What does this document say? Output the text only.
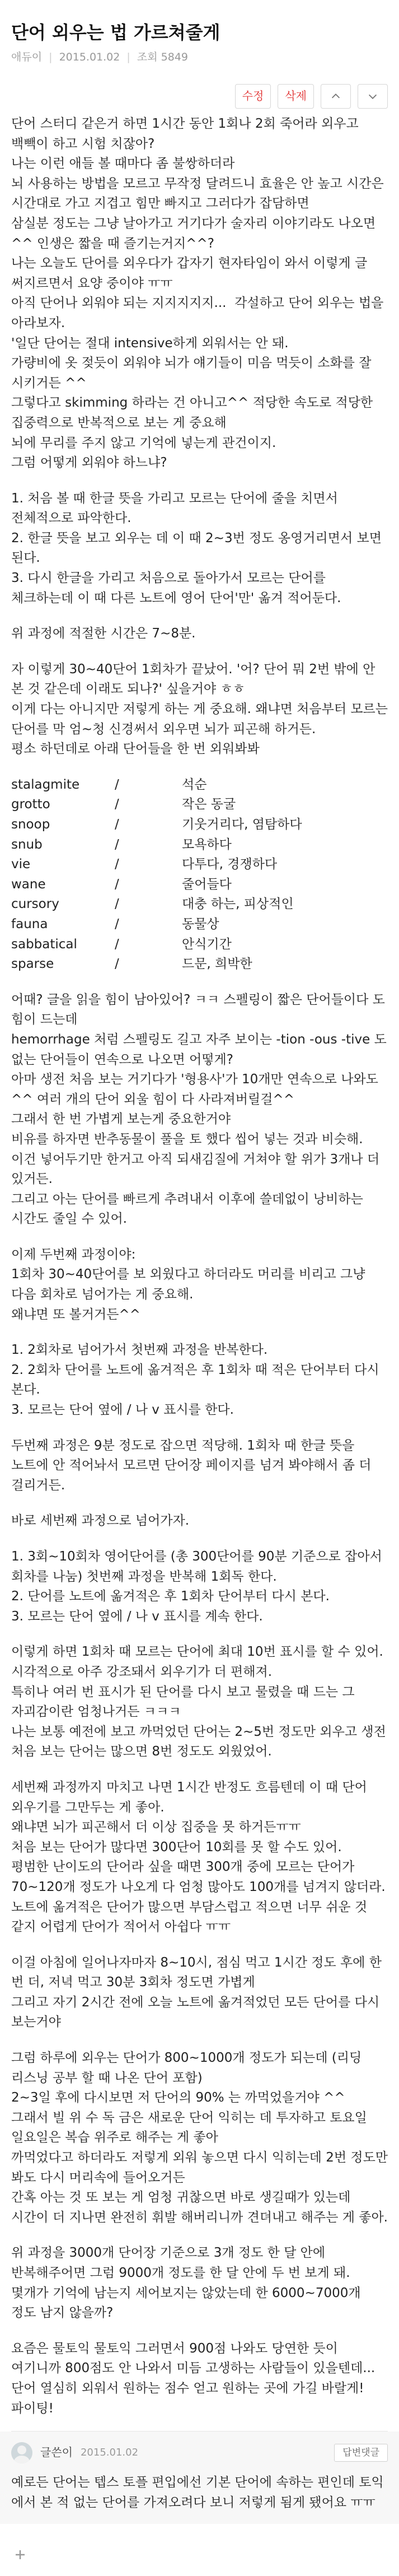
단어 외우는 법 가르쳐줄게
애듀이 | 2015.01.02 | 조회 5849
수정	삭제

단어 스터디 같은거 하면 1시간 동안 1회나 2회 죽어라 외우고 백빽이 하고 시험 치잖아?

나는 이런 애들 볼 때마다 좀 불쌍하더라

뇌 사용하는 방법을 모르고 무작정 달려드니 효율은 안 높고 시간은 시간대로 가고 지겹고 힘만 빠지고 그러다가 잡담하면

삼실분 정도는 그냥 날아가고 거기다가 술자리 이야기라도 나오면 ^^ 인생은 짧을 때 즐기는거지^^?

나는 오늘도 단어를 외우다가 갑자기 현자타임이 와서 이렇게 글 써지르면서 요양 중이야 ㅠㅠ

아직 단어나 외워야 되는 지지지지지...  각설하고 단어 외우는 법을 아라보자.

'일단 단어는 절대 intensive하게 외워서는 안 돼.

가량비에 옷 젖듯이 외워야 뇌가 얘기들이 미음 먹듯이 소화를 잘 시키거든 ^^

그렇다고 skimming 하라는 건 아니고^^ 적당한 속도로 적당한 집중력으로 반복적으로 보는 게 중요해

뇌에 무리를 주지 않고 기억에 넣는게 관건이지.

그럼 어떻게 외워야 하느냐?

1. 처음 볼 때 한글 뜻을 가리고 모르는 단어에 줄을 치면서 전체적으로 파악한다.

2. 한글 뜻을 보고 외우는 데 이 때 2~3번 정도 옹영거리면서 보면 된다.

3. 다시 한글을 가리고 처음으로 돌아가서 모르는 단어를 체크하는데 이 때 다른 노트에 영어 단어'만' 옮겨 적어둔다.

위 과정에 적절한 시간은 7~8분.

자 이렇게 30~40단어 1회차가 끝났어. '어? 단어 뭐 2번 밖에 안 본 것 같은데 이래도 되나?' 싶을거야 ㅎㅎ

이게 다는 아니지만 저렇게 하는 게 중요해. 왜냐면 처음부터 모르는 단어를 막 엄~청 신경써서 외우면 뇌가 피곤해 하거든.

평소 하던데로 아래 단어들을 한 번 외워봐봐

stalagmite	/	석순
grotto	/	작은 동굴
snoop	/	기웃거리다, 염탐하다
snub	/	모욕하다
vie	/	다투다, 경쟁하다
wane	/	줄어들다
cursory	/	대충 하는, 피상적인
fauna	/	동물상
sabbatical	/	안식기간
sparse	/	드문, 희박한

어때? 글을 읽을 힘이 남아있어? ㅋㅋ 스펠링이 짧은 단어들이다 도 힘이 드는데

hemorrhage 처럼 스펠링도 길고 자주 보이는 -tion -ous -tive 도 없는 단어들이 연속으로 나오면 어떻게?

아마 생전 처음 보는 거기다가 '형용사'가 10개만 연속으로 나와도 ^^ 여러 개의 단어 외울 힘이 다 사라져버릴걸^^

그래서 한 번 가볍게 보는게 중요한거야

비유를 하자면 반추동물이 풀을 토 했다 씹어 넣는 것과 비슷해.

이건 넣어두기만 한거고 아직 되새김질에 거쳐야 할 위가 3개나 더 있거든.

그리고 아는 단어를 빠르게 추려내서 이후에 쓸데없이 낭비하는 시간도 줄일 수 있어.

이제 두번째 과정이야:

1회차 30~40단어를 보 외웠다고 하더라도 머리를 비리고 그냥 다음 회차로 넘어가는 게 중요해.

왜냐면 또 볼거거든^^

1. 2회차로 넘어가서 첫번째 과정을 반복한다.

2. 2회차 단어를 노트에 옮겨적은 후 1회차 때 적은 단어부터 다시 본다.

3. 모르는 단어 옆에 / 나 v 표시를 한다.

두번째 과정은 9분 정도로 잡으면 적당해. 1회차 때 한글 뜻을 노트에 안 적어놔서 모르면 단어장 페이지를 넘겨 봐야해서 좀 더 걸리거든.

바로 세번째 과정으로 넘어가자.

1. 3회~10회차 영어단어를 (총 300단어를 90분 기준으로 잡아서 회차를 나눔) 첫번째 과정을 반복해 1회독 한다.

2. 단어를 노트에 옮겨적은 후 1회차 단어부터 다시 본다.

3. 모르는 단어 옆에 / 나 v 표시를 계속 한다.

이렇게 하면 1회차 때 모르는 단어에 최대 10번 표시를 할 수 있어.

시각적으로 아주 강조돼서 외우기가 더 편해져.

특히나 여러 번 표시가 된 단어를 다시 보고 물렸을 때 드는 그 자괴감이란 엄청나거든 ㅋㅋㅋ

나는 보통 예전에 보고 까먹었던 단어는 2~5번 정도만 외우고 생전 처음 보는 단어는 많으면 8번 정도도 외웠었어.

세번째 과정까지 마치고 나면 1시간 반정도 흐름텐데 이 때 단어 외우기를 그만두는 게 좋아.

왜냐면 뇌가 피곤해서 더 이상 집중을 못 하거든ㅠㅠ

처음 보는 단어가 많다면 300단어 10회를 못 할 수도 있어.

평범한 난이도의 단어라 싶을 때면 300개 중에 모르는 단어가 70~120개 정도가 나오게 다 엄청 많아도 100개를 넘겨지 않더라.

노트에 옮겨적은 단어가 많으면 부담스럽고 적으면 너무 쉬운 것 같지 어렵게 단어가 적어서 아쉽다 ㅠㅠ

이걸 아침에 일어나자마자 8~10시, 점심 먹고 1시간 정도 후에 한 번 더, 저녁 먹고 30분 3회차 정도면 가볍게

그리고 자기 2시간 전에 오늘 노트에 옮겨적었던 모든 단어를 다시 보는거야

그럼 하루에 외우는 단어가 800~1000개 정도가 되는데 (리딩 리스닝 공부 할 때 나온 단어 포함)

2~3일 후에 다시보면 저 단어의 90% 는 까먹었을거야 ^^

그래서 빌 위 수 독 금은 새로운 단어 익히는 데 투자하고 토요일 일요일은 복습 위주로 해주는 게 좋아

까먹었다고 하더라도 저렇게 외워 놓으면 다시 익히는데 2번 정도만 봐도 다시 머리속에 들어오거든

간혹 아는 것 또 보는 게 엄청 귀찮으면 바로 생길때가 있는데 시간이 더 지나면 완전히 휘발 해버리니까 견뎌내고 해주는 게 좋아.

위 과정을 3000개 단어장 기준으로 3개 정도 한 달 안에 반복해주어면 그럼 9000개 정도를 한 달 안에 두 번 보게 돼.

몇개가 기억에 남는지 세어보지는 않았는데 한 6000~7000개 정도 남지 않을까?

요즘은 물토익 물토익 그러면서 900점 나와도 당연한 듯이 여기니까 800점도 안 나와서 미듬 고생하는 사람들이 있을텐데...

단어 열심히 외워서 원하는 점수 얻고 원하는 곳에 가길 바랄게! 파이팅!

글쓴이 2015.01.02	답변댓글
예로든 단어는 텝스 토플 편입에선 기본 단어에 속하는 편인데 토익에서 본 적 없는 단어를 가져오려다 보니 저렇게 됨게 됐어요 ㅠㅠ
